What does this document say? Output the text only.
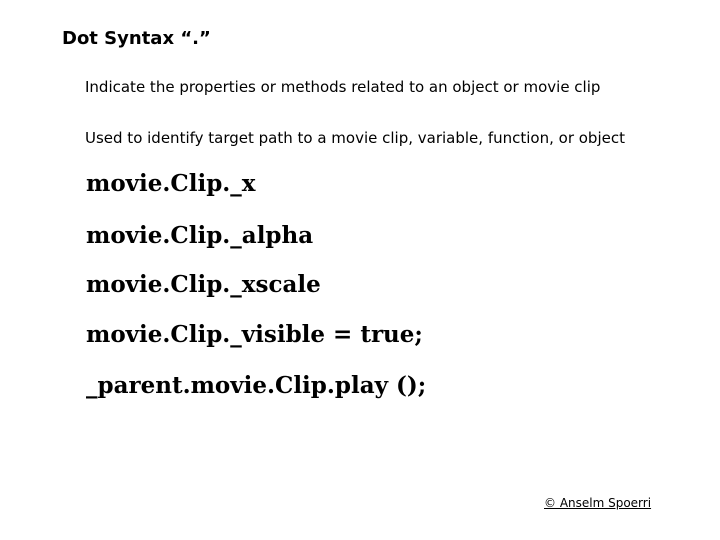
Dot Syntax “.”
Indicate the properties or methods related to an object or movie clip
Used to identify target path to a movie clip, variable, function, or object
movie.Clip._x
movie.Clip._alpha
movie.Clip._xscale
movie.Clip._visible = true;
_parent.movie.Clip.play ();
© Anselm Spoerri
